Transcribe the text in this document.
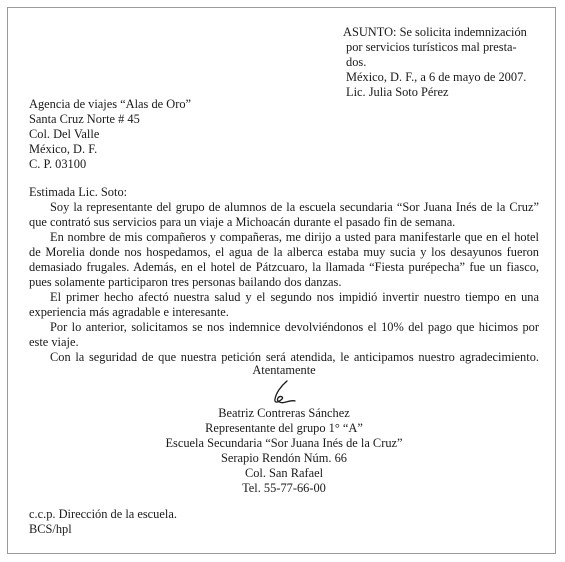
ASUNTO: Se solicita indemnización
por servicios turísticos mal presta-
dos.
México, D. F., a 6 de mayo de 2007.
Lic. Julia Soto Pérez
Agencia de viajes “Alas de Oro”
Santa Cruz Norte # 45
Col. Del Valle
México, D. F.
C. P. 03100
Estimada Lic. Soto:
Soy la representante del grupo de alumnos de la escuela secundaria “Sor Juana Inés de la Cruz”
que contrató sus servicios para un viaje a Michoacán durante el pasado fin de semana.
En nombre de mis compañeros y compañeras, me dirijo a usted para manifestarle que en el hotel
de Morelia donde nos hospedamos, el agua de la alberca estaba muy sucia y los desayunos fueron
demasiado frugales. Además, en el hotel de Pátzcuaro, la llamada “Fiesta purépecha” fue un fiasco,
pues solamente participaron tres personas bailando dos danzas.
El primer hecho afectó nuestra salud y el segundo nos impidió invertir nuestro tiempo en una
experiencia más agradable e interesante.
Por lo anterior, solicitamos se nos indemnice devolviéndonos el 10% del pago que hicimos por
este viaje.
Con la seguridad de que nuestra petición será atendida, le anticipamos nuestro agradecimiento.
Atentamente
Beatriz Contreras Sánchez
Representante del grupo 1° “A”
Escuela Secundaria “Sor Juana Inés de la Cruz”
Serapio Rendón Núm. 66
Col. San Rafael
Tel. 55-77-66-00
c.c.p. Dirección de la escuela.
BCS/hpl
